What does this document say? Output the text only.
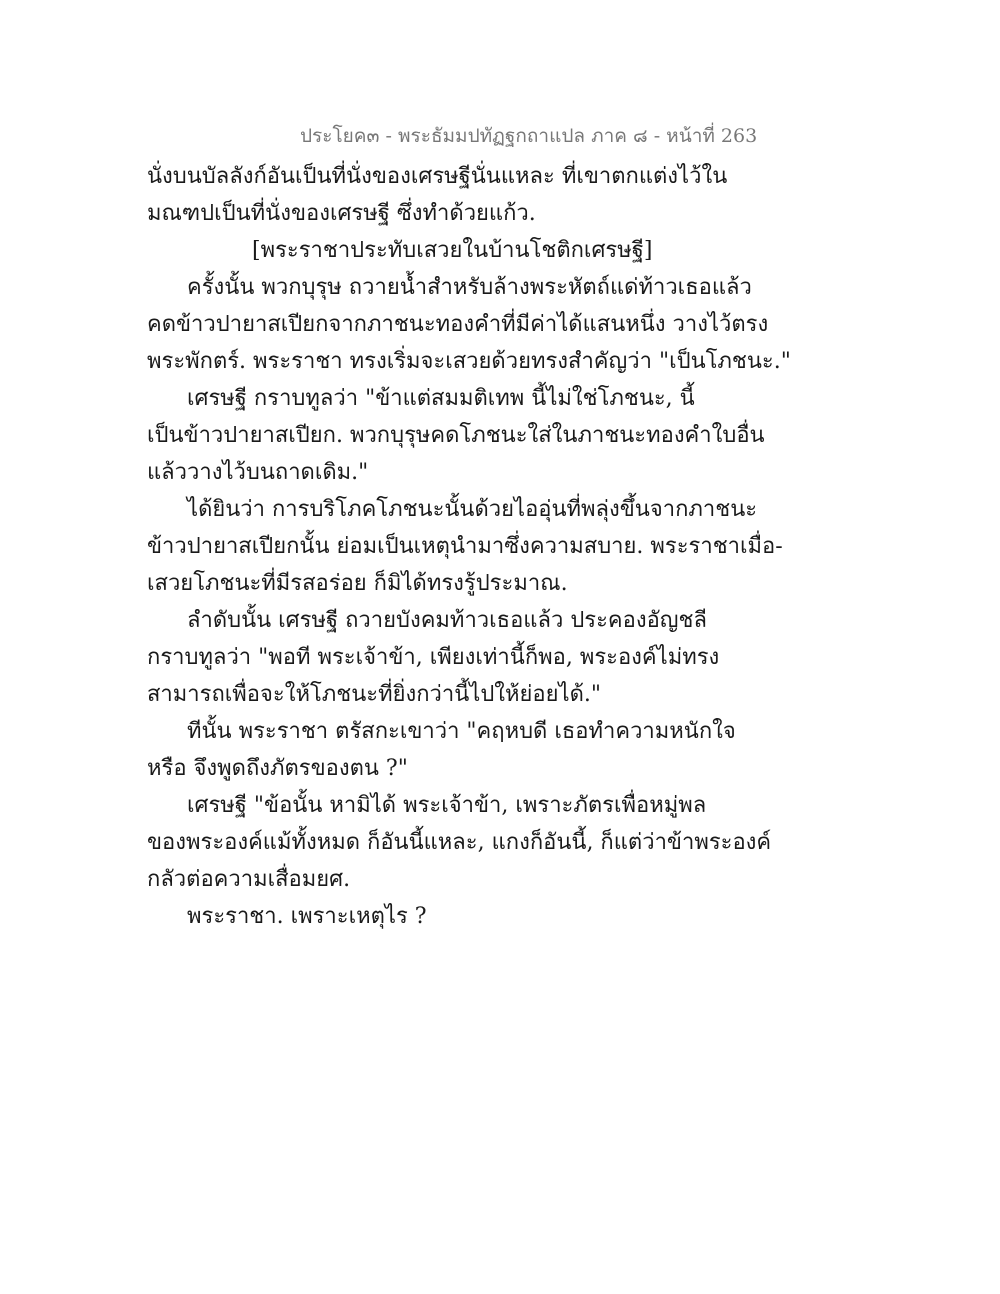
ประโยค๓ - พระธัมมปทัฏฐกถาแปล ภาค ๘ - หน้าที่ 263
นั่งบนบัลลังก์อันเป็นที่นั่งของเศรษฐีนั่นแหละ ที่เขาตกแต่งไว้ใน
มณฑปเป็นที่นั่งของเศรษฐี ซึ่งทำด้วยแก้ว.
[พระราชาประทับเสวยในบ้านโชติกเศรษฐี]
ครั้งนั้น พวกบุรุษ ถวายน้ำสำหรับล้างพระหัตถ์แด่ท้าวเธอแล้ว
คดข้าวปายาสเปียกจากภาชนะทองคำที่มีค่าได้แสนหนึ่ง วางไว้ตรง
พระพักตร์. พระราชา ทรงเริ่มจะเสวยด้วยทรงสำคัญว่า "เป็นโภชนะ."
เศรษฐี กราบทูลว่า "ข้าแต่สมมติเทพ นี้ไม่ใช่โภชนะ, นี้
เป็นข้าวปายาสเปียก. พวกบุรุษคดโภชนะใส่ในภาชนะทองคำใบอื่น
แล้ววางไว้บนถาดเดิม."
ได้ยินว่า การบริโภคโภชนะนั้นด้วยไออุ่นที่พลุ่งขึ้นจากภาชนะ
ข้าวปายาสเปียกนั้น ย่อมเป็นเหตุนำมาซึ่งความสบาย. พระราชาเมื่อ-
เสวยโภชนะที่มีรสอร่อย ก็มิได้ทรงรู้ประมาณ.
ลำดับนั้น เศรษฐี ถวายบังคมท้าวเธอแล้ว ประคองอัญชลี
กราบทูลว่า "พอที พระเจ้าข้า, เพียงเท่านี้ก็พอ, พระองค์ไม่ทรง
สามารถเพื่อจะให้โภชนะที่ยิ่งกว่านี้ไปให้ย่อยได้."
ทีนั้น พระราชา ตรัสกะเขาว่า "คฤหบดี เธอทำความหนักใจ
หรือ จึงพูดถึงภัตรของตน ?"
เศรษฐี "ข้อนั้น หามิได้ พระเจ้าข้า, เพราะภัตรเพื่อหมู่พล
ของพระองค์แม้ทั้งหมด ก็อันนี้แหละ, แกงก็อันนี้, ก็แต่ว่าข้าพระองค์
กลัวต่อความเสื่อมยศ.
พระราชา. เพราะเหตุไร ?
